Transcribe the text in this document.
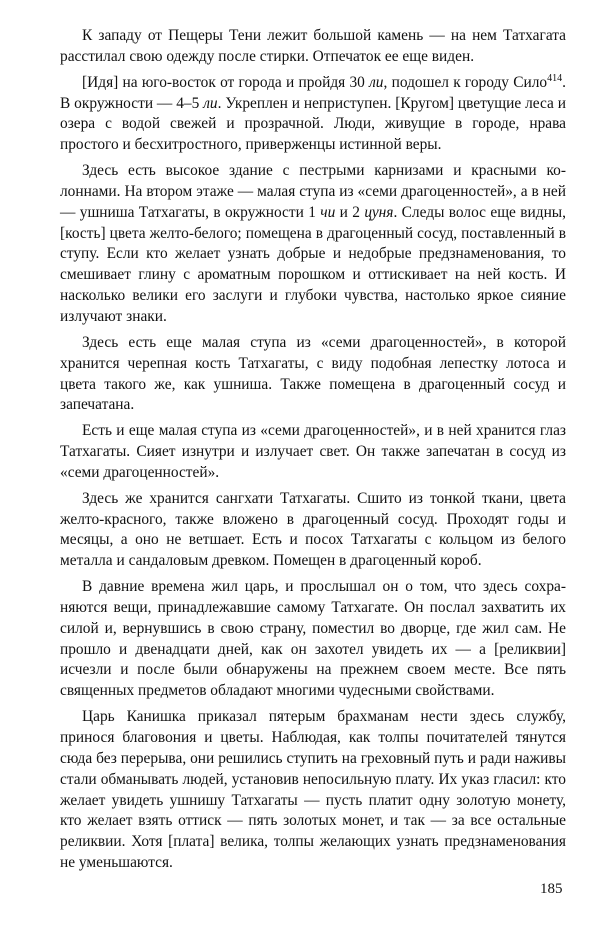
К западу от Пещеры Тени лежит большой камень — на нем Татхагата расстилал свою одежду после стирки. Отпечаток ее еще виден.

[Идя] на юго-восток от города и пройдя 30 ли, подошел к городу Сило$^{414}$. В окружности — 4–5 ли. Укреплен и неприступен. [Кругом] цветущие леса и озера с водой свежей и прозрачной. Люди, живущие в городе, нрава простого и бесхитростного, приверженцы истинной веры.

Здесь есть высокое здание с пестрыми карнизами и красными колоннами. На втором этаже — малая ступа из «семи драгоценностей», а в ней — ушниша Татхагаты, в окружности 1 чи и 2 цуня. Следы волос еще видны, [кость] цвета желто-белого; помещена в драгоценный сосуд, поставленный в ступу. Если кто желает узнать добрые и недобрые предзнаменования, то смешивает глину с ароматным порошком и оттискивает на ней кость. И насколько велики его заслуги и глубоки чувства, настолько яркое сияние излучают знаки.

Здесь есть еще малая ступа из «семи драгоценностей», в которой хранится черепная кость Татхагаты, с виду подобная лепестку лотоса и цвета такого же, как ушниша. Также помещена в драгоценный сосуд и запечатана.

Есть и еще малая ступа из «семи драгоценностей», и в ней хранится глаз Татхагаты. Сияет изнутри и излучает свет. Он также запечатан в сосуд из «семи драгоценностей».

Здесь же хранится сангхати Татхагаты. Сшито из тонкой ткани, цвета желто-красного, также вложено в драгоценный сосуд. Проходят годы и месяцы, а оно не ветшает. Есть и посох Татхагаты с кольцом из белого металла и сандаловым древком. Помещен в драгоценный короб.

В давние времена жил царь, и прослышал он о том, что здесь сохраняются вещи, принадлежавшие самому Татхагате. Он послал захватить их силой и, вернувшись в свою страну, поместил во дворце, где жил сам. Не прошло и двенадцати дней, как он захотел увидеть их — а [реликвии] исчезли и после были обнаружены на прежнем своем месте. Все пять священных предметов обладают многими чудесными свойствами.

Царь Канишка приказал пятерым брахманам нести здесь службу, принося благовония и цветы. Наблюдая, как толпы почитателей тянутся сюда без перерыва, они решились ступить на греховный путь и ради наживы стали обманывать людей, установив непосильную плату. Их указ гласил: кто желает увидеть ушнишу Татхагаты — пусть платит одну золотую монету, кто желает взять оттиск — пять золотых монет, и так — за все остальные реликвии. Хотя [плата] велика, толпы желающих узнать предзнаменования не уменьшаются.

185
